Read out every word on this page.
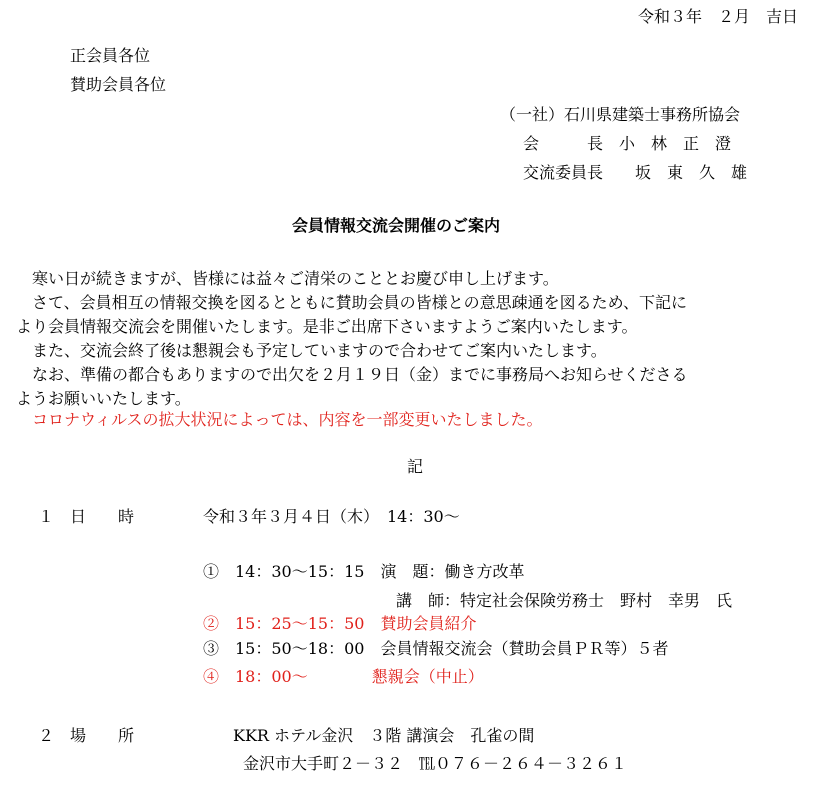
令和３年　２月　吉日
正会員各位
賛助会員各位
（一社）石川県建築士事務所協会
会　　　長　小　林　正　澄
交流委員長　　坂　東　久　雄
会員情報交流会開催のご案内
　寒い日が続きますが、皆様には益々ご清栄のこととお慶び申し上げます。
　さて、会員相互の情報交換を図るとともに賛助会員の皆様との意思疎通を図るため、下記に
より会員情報交流会を開催いたします。是非ご出席下さいますようご案内いたします。
　また、交流会終了後は懇親会も予定していますので合わせてご案内いたします。
　なお、準備の都合もありますので出欠を２月１９日（金）までに事務局へお知らせくださる
ようお願いいたします。
　コロナウィルスの拡大状況によっては、内容を一部変更いたしました。
記
１　日　　時	令和３年３月４日（木）　14：30～
①　14：30～15：15　演　題：働き方改革
講　師：特定社会保険労務士　野村　幸男　氏
②　15：25～15：50　賛助会員紹介
③　15：50～18：00　会員情報交流会（賛助会員ＰＲ等）５者
④　18：00～　　　　懇親会（中止）
２　場　　所	KKR ホテル金沢　３階 講演会　孔雀の間
金沢市大手町２－３２　℡０７６－２６４－３２６１
